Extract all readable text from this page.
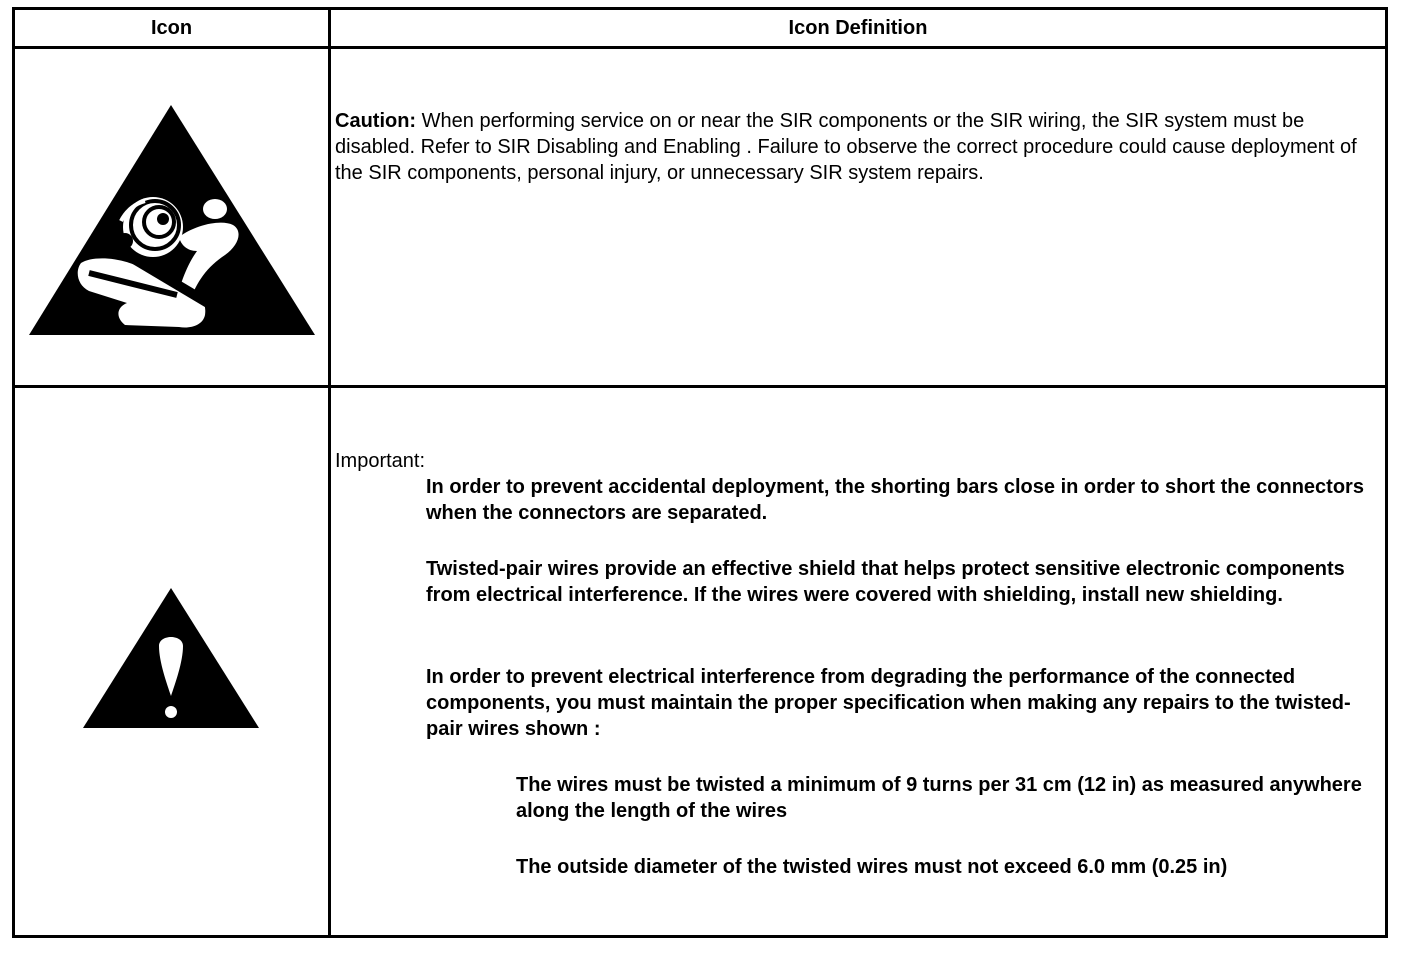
Icon	Icon Definition
Caution: When performing service on or near the SIR components or the SIR wiring, the SIR system must be disabled. Refer to SIR Disabling and Enabling . Failure to observe the correct procedure could cause deployment of the SIR components, personal injury, or unnecessary SIR system repairs.
Important:
In order to prevent accidental deployment, the shorting bars close in order to short the connectors when the connectors are separated.
Twisted-pair wires provide an effective shield that helps protect sensitive electronic components from electrical interference. If the wires were covered with shielding, install new shielding.
In order to prevent electrical interference from degrading the performance of the connected components, you must maintain the proper specification when making any repairs to the twisted-pair wires shown :
The wires must be twisted a minimum of 9 turns per 31 cm (12 in) as measured anywhere along the length of the wires
The outside diameter of the twisted wires must not exceed 6.0 mm (0.25 in)
